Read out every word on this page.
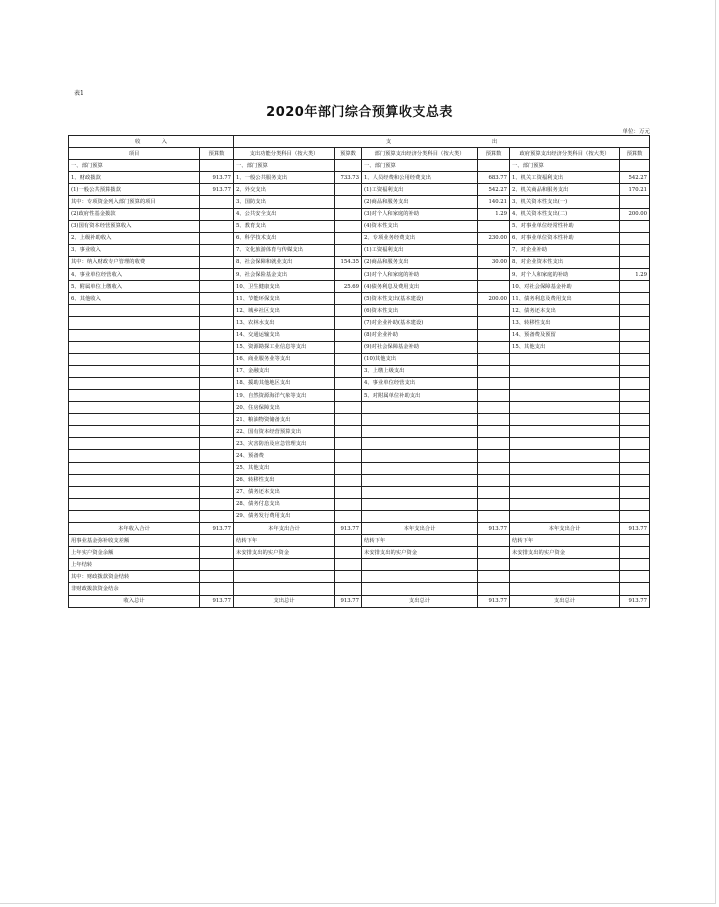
表1
2020年部门综合预算收支总表
单位：万元
收　　　　入		支　　　　　　　　　　　　　　　　　　　出					
项目	预算数	支出功能分类科目（按大类）	预算数	部门预算支出经济分类科目（按大类）	预算数	政府预算支出经济分类科目（按大类）	预算数
一、部门预算		一、部门预算		一、部门预算		一、部门预算	
1、财政拨款	913.77	1、一般公共服务支出	733.73	1、人员经费和公用经费支出	683.77	1、机关工资福利支出	542.27
(1)一般公共预算拨款	913.77	2、外交支出		(1)工资福利支出	542.27	2、机关商品和服务支出	170.21
其中：专项资金列入部门预算的项目		3、国防支出		(2)商品和服务支出	140.21	3、机关资本性支出(一)	
(2)政府性基金拨款		4、公共安全支出		(3)对个人和家庭的补助	1.29	4、机关资本性支出(二)	200.00
(3)国有资本经营预算收入		5、教育支出		(4)资本性支出		5、对事业单位经常性补助	
2、上级补助收入		6、科学技术支出		2、专项业务经费支出	230.00	6、对事业单位资本性补助	
3、事业收入		7、文化旅游体育与传媒支出		(1)工资福利支出		7、对企业补助	
其中：纳入财政专户管理的收费		8、社会保障和就业支出	154.35	(2)商品和服务支出	30.00	8、对企业资本性支出	
4、事业单位经营收入		9、社会保险基金支出		(3)对个人和家庭的补助		9、对个人和家庭的补助	1.29
5、附属单位上缴收入		10、卫生健康支出	25.69	(4)债务利息及费用支出		10、对社会保障基金补助	
6、其他收入		11、节能环保支出		(5)资本性支出(基本建设)	200.00	11、债务利息及费用支出	
		12、城乡社区支出		(6)资本性支出		12、债务还本支出	
		13、农林水支出		(7)对企业补助(基本建设)		13、转移性支出	
		14、交通运输支出		(8)对企业补助		14、预备费及预留	
		15、资源勘探工业信息等支出		(9)对社会保障基金补助		15、其他支出	
		16、商业服务业等支出		(10)其他支出			
		17、金融支出		3、上缴上级支出			
		18、援助其他地区支出		4、事业单位经营支出			
		19、自然资源海洋气象等支出		5、对附属单位补助支出			
		20、住房保障支出					
		21、粮油物资储备支出					
		22、国有资本经营预算支出					
		23、灾害防治及应急管理支出					
		24、预备费					
		25、其他支出					
		26、转移性支出					
		27、债务还本支出					
		28、债务付息支出					
		29、债务发行费用支出					
本年收入合计	913.77	本年支出合计	913.77	本年支出合计	913.77	本年支出合计	913.77
用事业基金弥补收支差额		结转下年		结转下年		结转下年	
上年实户资金余额		未安排支出的实户资金		未安排支出的实户资金		未安排支出的实户资金	
上年结转							
其中：财政拨款资金结转							
非财政拨款资金结余							
收入总计	913.77	支出总计	913.77	支出总计	913.77	支出总计	913.77
